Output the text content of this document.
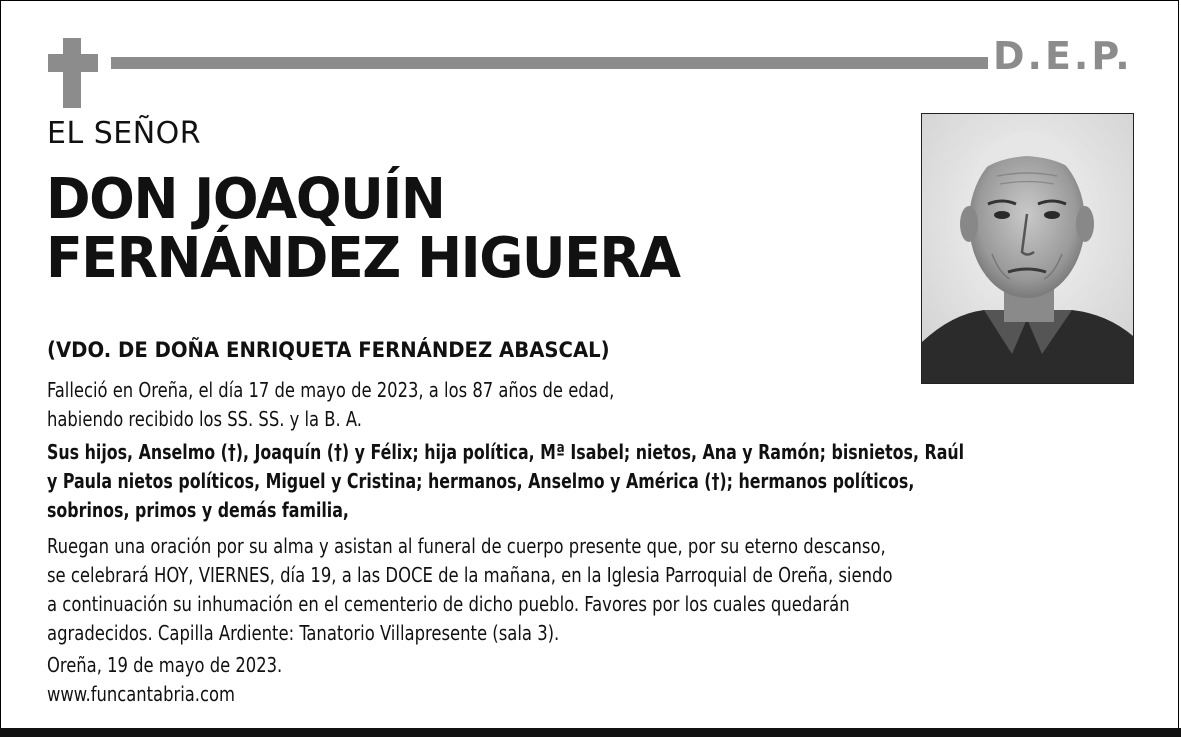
D.E.P.
EL SEÑOR
DON JOAQUÍN
FERNÁNDEZ HIGUERA
(VDO. DE DOÑA ENRIQUETA FERNÁNDEZ ABASCAL)
Falleció en Oreña, el día 17 de mayo de 2023, a los 87 años de edad,
habiendo recibido los SS. SS. y la B. A.
Sus hijos, Anselmo (†), Joaquín (†) y Félix; hija política, Mª Isabel; nietos, Ana y Ramón; bisnietos, Raúl
y Paula nietos políticos, Miguel y Cristina; hermanos, Anselmo y América (†); hermanos políticos,
sobrinos, primos y demás familia,
Ruegan una oración por su alma y asistan al funeral de cuerpo presente que, por su eterno descanso,
se celebrará HOY, VIERNES, día 19, a las DOCE de la mañana, en la Iglesia Parroquial de Oreña, siendo
a continuación su inhumación en el cementerio de dicho pueblo. Favores por los cuales quedarán
agradecidos. Capilla Ardiente: Tanatorio Villapresente (sala 3).
Oreña, 19 de mayo de 2023.
www.funcantabria.com
